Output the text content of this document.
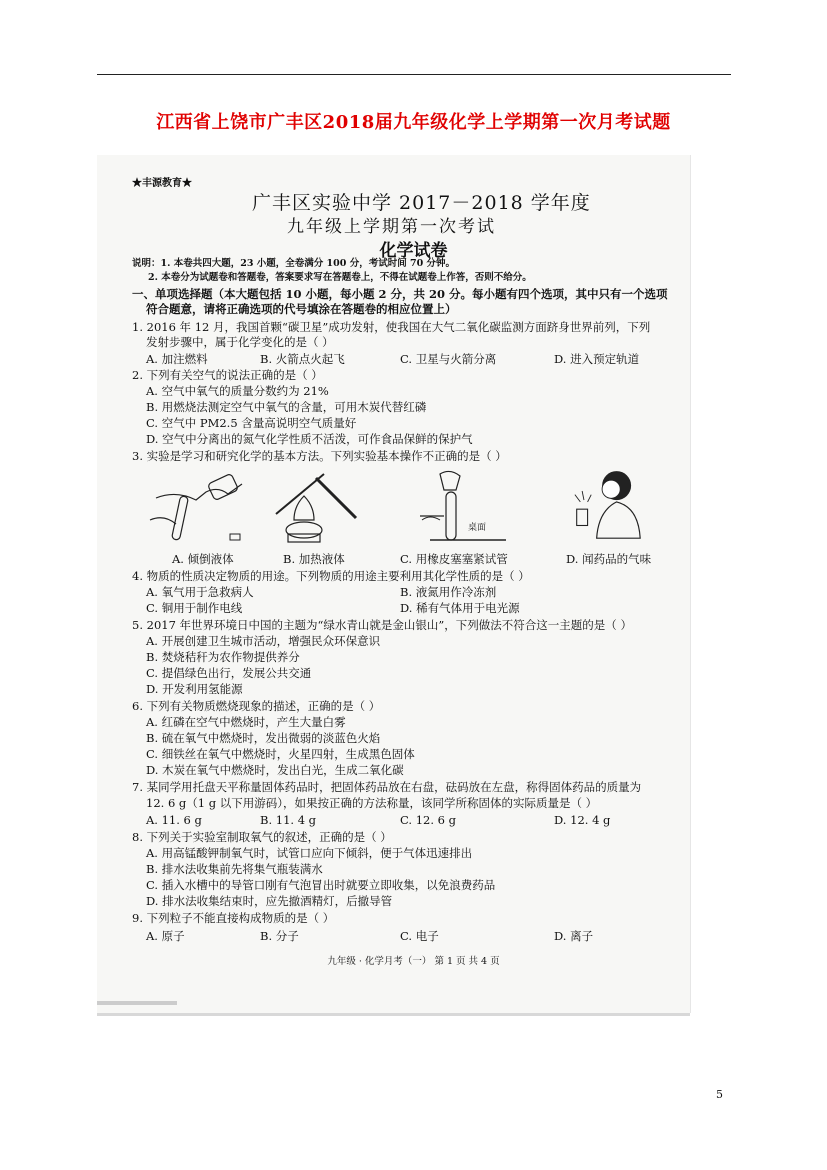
江西省上饶市广丰区2018届九年级化学上学期第一次月考试题
★丰源教育★
广丰区实验中学 2017－2018 学年度
九年级上学期第一次考试
化学试卷
说明：1. 本卷共四大题，23 小题，全卷满分 100 分，考试时间 70 分钟。
2. 本卷分为试题卷和答题卷，答案要求写在答题卷上，不得在试题卷上作答，否则不给分。
一、单项选择题（本大题包括 10 小题，每小题 2 分，共 20 分。每小题有四个选项，其中只有一个选项
符合题意，请将正确选项的代号填涂在答题卷的相应位置上）
1. 2016 年 12 月，我国首颗“碳卫星”成功发射，使我国在大气二氧化碳监测方面跻身世界前列，下列
发射步骤中，属于化学变化的是（ ）
A. 加注燃料	B. 火箭点火起飞	C. 卫星与火箭分离	D. 进入预定轨道
2. 下列有关空气的说法正确的是（ ）
A. 空气中氧气的质量分数约为 21%
B. 用燃烧法测定空气中氧气的含量，可用木炭代替红磷
C. 空气中 PM2.5 含量高说明空气质量好
D. 空气中分离出的氮气化学性质不活泼，可作食品保鲜的保护气
3. 实验是学习和研究化学的基本方法。下列实验基本操作不正确的是（ ）
桌面
A. 倾倒液体	B. 加热液体	C. 用橡皮塞塞紧试管	D. 闻药品的气味
4. 物质的性质决定物质的用途。下列物质的用途主要利用其化学性质的是（ ）
A. 氧气用于急救病人	B. 液氮用作冷冻剂
C. 铜用于制作电线	D. 稀有气体用于电光源
5. 2017 年世界环境日中国的主题为“绿水青山就是金山银山”，下列做法不符合这一主题的是（ ）
A. 开展创建卫生城市活动，增强民众环保意识
B. 焚烧秸秆为农作物提供养分
C. 提倡绿色出行，发展公共交通
D. 开发利用氢能源
6. 下列有关物质燃烧现象的描述，正确的是（ ）
A. 红磷在空气中燃烧时，产生大量白雾
B. 硫在氧气中燃烧时，发出微弱的淡蓝色火焰
C. 细铁丝在氧气中燃烧时，火星四射，生成黑色固体
D. 木炭在氧气中燃烧时，发出白光，生成二氧化碳
7. 某同学用托盘天平称量固体药品时，把固体药品放在右盘，砝码放在左盘，称得固体药品的质量为
12. 6 g（1 g 以下用游码），如果按正确的方法称量，该同学所称固体的实际质量是（ ）
A. 11. 6 g	B. 11. 4 g	C. 12. 6 g	D. 12. 4 g
8. 下列关于实验室制取氧气的叙述，正确的是（ ）
A. 用高锰酸钾制氧气时，试管口应向下倾斜，便于气体迅速排出
B. 排水法收集前先将集气瓶装满水
C. 插入水槽中的导管口刚有气泡冒出时就要立即收集，以免浪费药品
D. 排水法收集结束时，应先撤酒精灯，后撤导管
9. 下列粒子不能直接构成物质的是（ ）
A. 原子	B. 分子	C. 电子	D. 离子
九年级 · 化学月考（一） 第 1 页 共 4 页
5
